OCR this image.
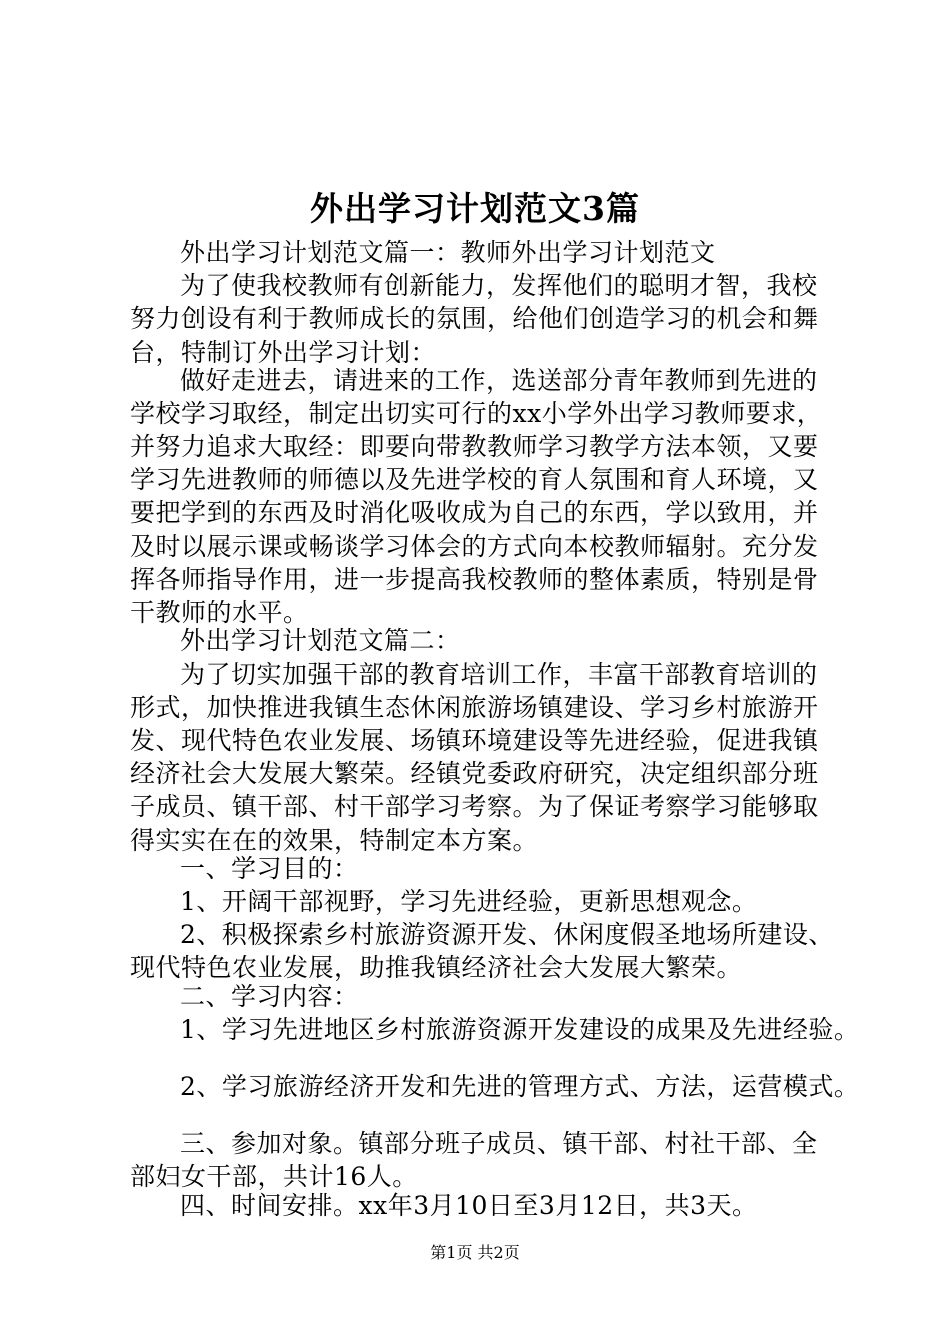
外出学习计划范文3篇
外出学习计划范文篇一：教师外出学习计划范文
为了使我校教师有创新能力，发挥他们的聪明才智，我校
努力创设有利于教师成长的氛围，给他们创造学习的机会和舞
台，特制订外出学习计划：
做好走进去，请进来的工作，选送部分青年教师到先进的
学校学习取经，制定出切实可行的xx小学外出学习教师要求，
并努力追求大取经：即要向带教教师学习教学方法本领，又要
学习先进教师的师德以及先进学校的育人氛围和育人环境，又
要把学到的东西及时消化吸收成为自己的东西，学以致用，并
及时以展示课或畅谈学习体会的方式向本校教师辐射。充分发
挥各师指导作用，进一步提高我校教师的整体素质，特别是骨
干教师的水平。
外出学习计划范文篇二：
为了切实加强干部的教育培训工作，丰富干部教育培训的
形式，加快推进我镇生态休闲旅游场镇建设、学习乡村旅游开
发、现代特色农业发展、场镇环境建设等先进经验，促进我镇
经济社会大发展大繁荣。经镇党委政府研究，决定组织部分班
子成员、镇干部、村干部学习考察。为了保证考察学习能够取
得实实在在的效果，特制定本方案。
一、学习目的：
1、开阔干部视野，学习先进经验，更新思想观念。
2、积极探索乡村旅游资源开发、休闲度假圣地场所建设、
现代特色农业发展，助推我镇经济社会大发展大繁荣。
二、学习内容：
1、学习先进地区乡村旅游资源开发建设的成果及先进经验。
2、学习旅游经济开发和先进的管理方式、方法，运营模式。
三、参加对象。镇部分班子成员、镇干部、村社干部、全
部妇女干部，共计16人。
四、时间安排。xx年3月10日至3月12日，共3天。
第1页 共2页
